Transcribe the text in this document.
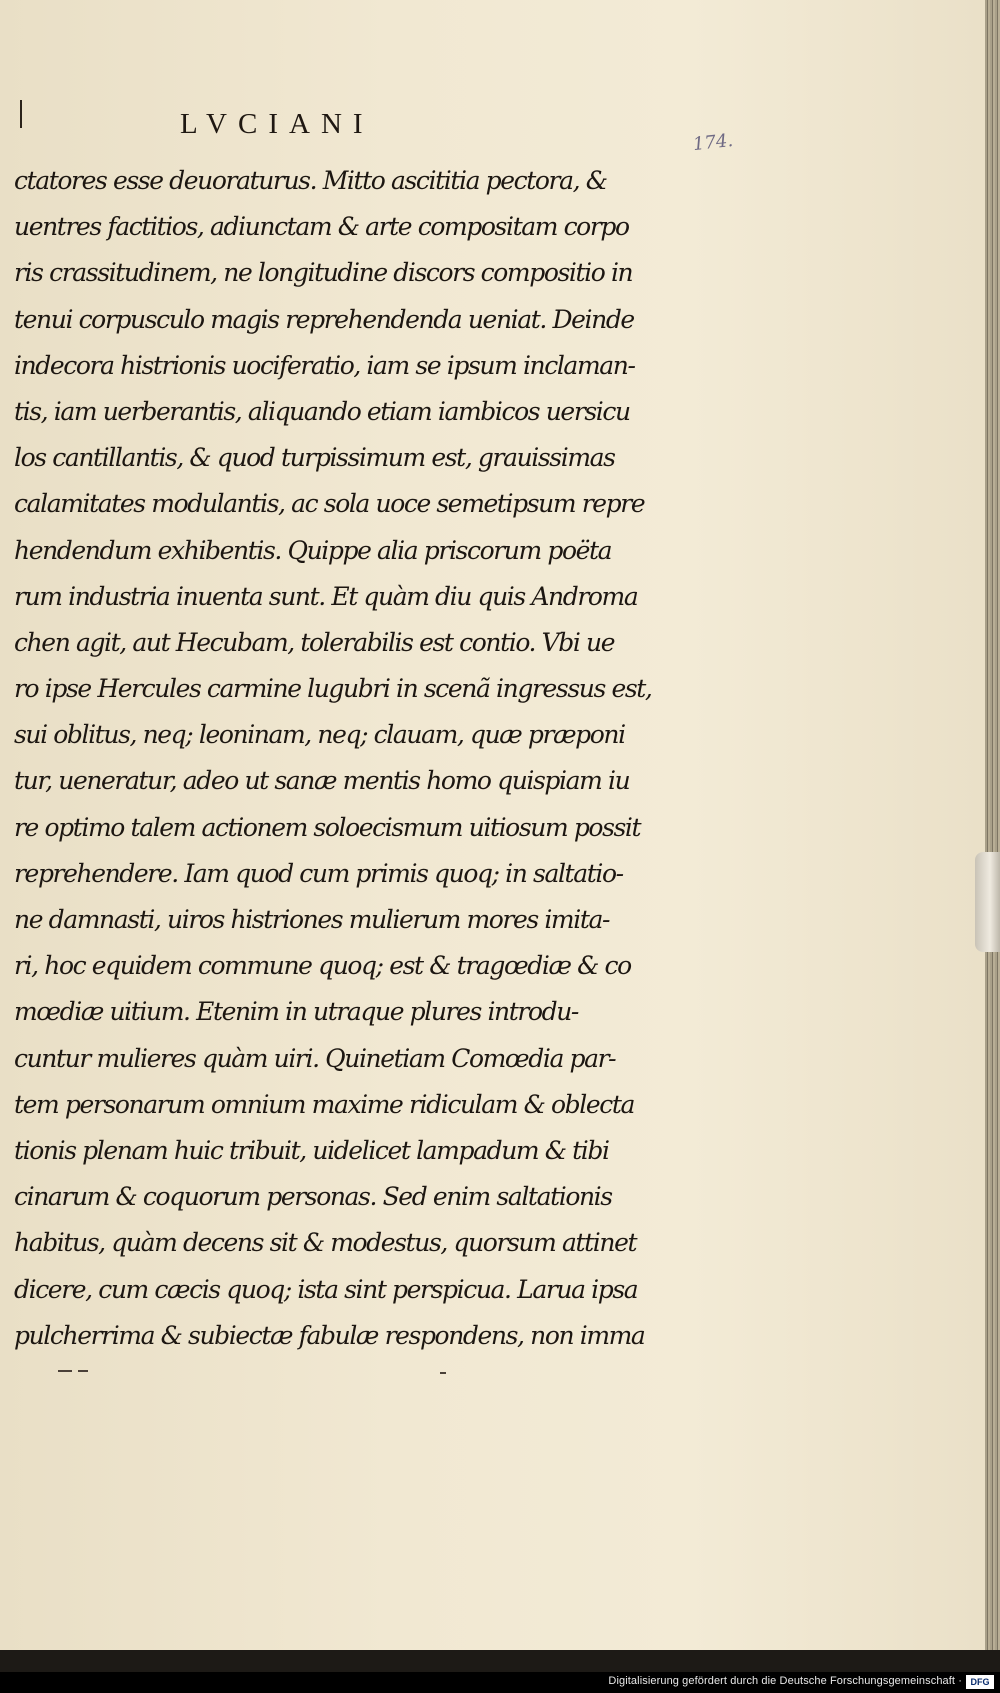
LVCIANI
174.
ctatores esse deuoraturus. Mitto ascititia pectora, &
uentres factitios, adiunctam & arte compositam corpo
ris crassitudinem, ne longitudine discors compositio in
tenui corpusculo magis reprehendenda ueniat. Deinde
indecora histrionis uociferatio, iam se ipsum inclaman-
tis, iam uerberantis, aliquando etiam iambicos uersicu
los cantillantis, & quod turpissimum est, grauissimas
calamitates modulantis, ac sola uoce semetipsum repre
hendendum exhibentis. Quippe alia priscorum poëta
rum industria inuenta sunt. Et quàm diu quis Androma
chen agit, aut Hecubam, tolerabilis est contio. Vbi ue
ro ipse Hercules carmine lugubri in scenã ingressus est,
sui oblitus, neq; leoninam, neq; clauam, quæ præponi
tur, ueneratur, adeo ut sanæ mentis homo quispiam iu
re optimo talem actionem soloecismum uitiosum possit
reprehendere. Iam quod cum primis quoq; in saltatio-
ne damnasti, uiros histriones mulierum mores imita-
ri, hoc equidem commune quoq; est & tragœdiæ & co
mœdiæ uitium. Etenim in utraque plures introdu-
cuntur mulieres quàm uiri. Quinetiam Comœdia par-
tem personarum omnium maxime ridiculam & oblecta
tionis plenam huic tribuit, uidelicet lampadum & tibi
cinarum & coquorum personas. Sed enim saltationis
habitus, quàm decens sit & modestus, quorsum attinet
dicere, cum cæcis quoq; ista sint perspicua. Larua ipsa
pulcherrima & subiectæ fabulæ respondens, non imma
Digitalisierung gefördert durch die Deutsche Forschungsgemeinschaft · DFG
